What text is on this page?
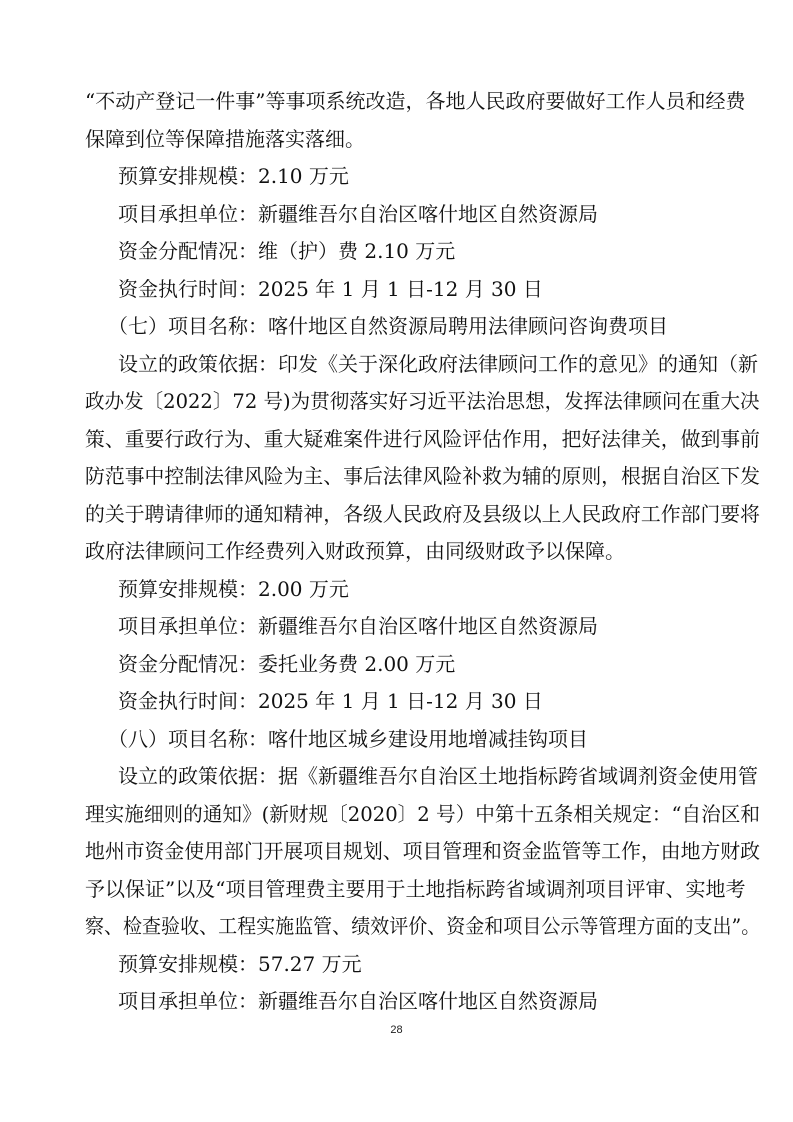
“不动产登记一件事”等事项系统改造，各地人民政府要做好工作人员和经费
保障到位等保障措施落实落细。
预算安排规模：2.10 万元
项目承担单位：新疆维吾尔自治区喀什地区自然资源局
资金分配情况：维（护）费 2.10 万元
资金执行时间：2025 年 1 月 1 日-12 月 30 日
（七）项目名称：喀什地区自然资源局聘用法律顾问咨询费项目
设立的政策依据：印发《关于深化政府法律顾问工作的意见》的通知（新
政办发〔2022〕72 号)为贯彻落实好习近平法治思想，发挥法律顾问在重大决
策、重要行政行为、重大疑难案件进行风险评估作用，把好法律关，做到事前
防范事中控制法律风险为主、事后法律风险补救为辅的原则，根据自治区下发
的关于聘请律师的通知精神，各级人民政府及县级以上人民政府工作部门要将
政府法律顾问工作经费列入财政预算，由同级财政予以保障。
预算安排规模：2.00 万元
项目承担单位：新疆维吾尔自治区喀什地区自然资源局
资金分配情况：委托业务费 2.00 万元
资金执行时间：2025 年 1 月 1 日-12 月 30 日
（八）项目名称：喀什地区城乡建设用地增减挂钩项目
设立的政策依据：据《新疆维吾尔自治区土地指标跨省域调剂资金使用管
理实施细则的通知》(新财规〔2020〕2 号）中第十五条相关规定：“自治区和
地州市资金使用部门开展项目规划、项目管理和资金监管等工作，由地方财政
予以保证”以及“项目管理费主要用于土地指标跨省域调剂项目评审、实地考
察、检查验收、工程实施监管、绩效评价、资金和项目公示等管理方面的支出”。
预算安排规模：57.27 万元
项目承担单位：新疆维吾尔自治区喀什地区自然资源局
28
